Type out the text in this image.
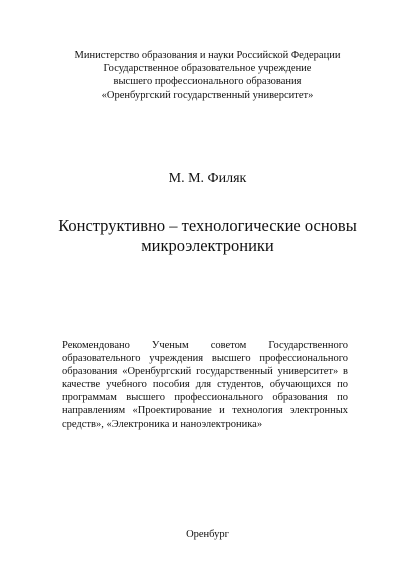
Министерство образования и науки Российской Федерации
Государственное образовательное учреждение
высшего профессионального образования
«Оренбургский государственный университет»
М. М. Филяк
Конструктивно – технологические основы
микроэлектроники
Рекомендовано Ученым советом Государственного образовательного учреждения высшего профессионального образования «Оренбургский государственный университет» в качестве учебного пособия для студентов, обучающихся по программам высшего профессионального образования по направлениям «Проектирование и технология электронных средств», «Электроника и наноэлектроника»
Оренбург
